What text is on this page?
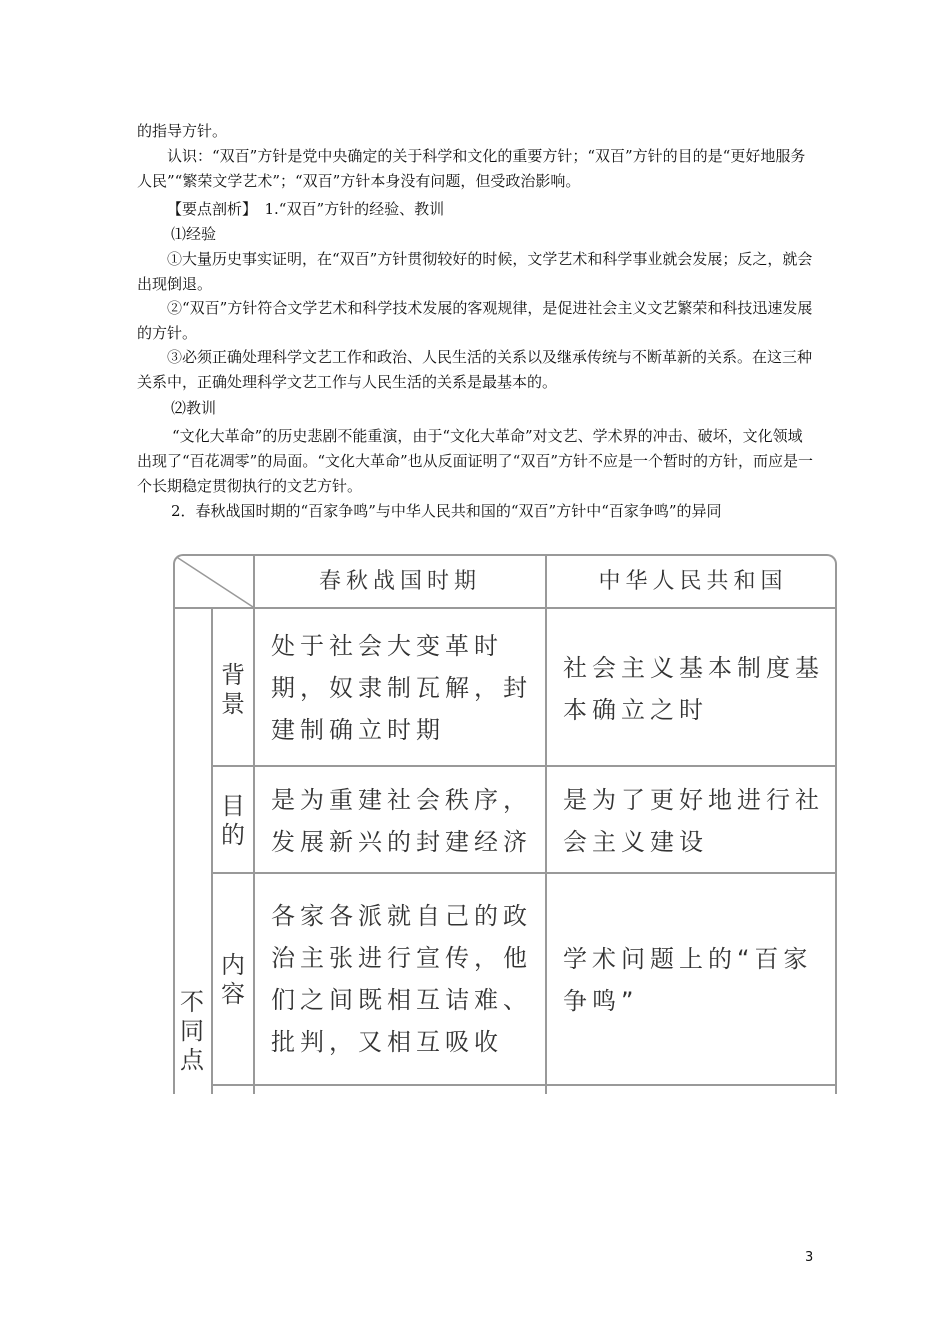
的指导方针。

认识：“双百”方针是党中央确定的关于科学和文化的重要方针；“双百”方针的目的是“更好地服务人民”“繁荣文学艺术”；“双百”方针本身没有问题，但受政治影响。

【要点剖析】　1.“双百”方针的经验、教训

⑴经验

①大量历史事实证明，在“双百”方针贯彻较好的时候，文学艺术和科学事业就会发展；反之，就会出现倒退。

②“双百”方针符合文学艺术和科学技术发展的客观规律，是促进社会主义文艺繁荣和科技迅速发展的方针。

③必须正确处理科学文艺工作和政治、人民生活的关系以及继承传统与不断革新的关系。在这三种关系中，正确处理科学文艺工作与人民生活的关系是最基本的。

⑵教训

“文化大革命”的历史悲剧不能重演，由于“文化大革命”对文艺、学术界的冲击、破坏，文化领域出现了“百花凋零”的局面。“文化大革命”也从反面证明了“双百”方针不应是一个暂时的方针，而应是一个长期稳定贯彻执行的文艺方针。

2．春秋战国时期的“百家争鸣”与中华人民共和国的“双百”方针中“百家争鸣”的异同

春秋战国时期	中华人民共和国

背景

目的

内容

不同点

处于社会大变革时期，奴隶制瓦解，封建制确立时期

社会主义基本制度基本确立之时

是为重建社会秩序，发展新兴的封建经济

是为了更好地进行社会主义建设

各家各派就自己的政治主张进行宣传，他们之间既相互诘难、批判，又相互吸收

学术问题上的“百家争鸣”

3
